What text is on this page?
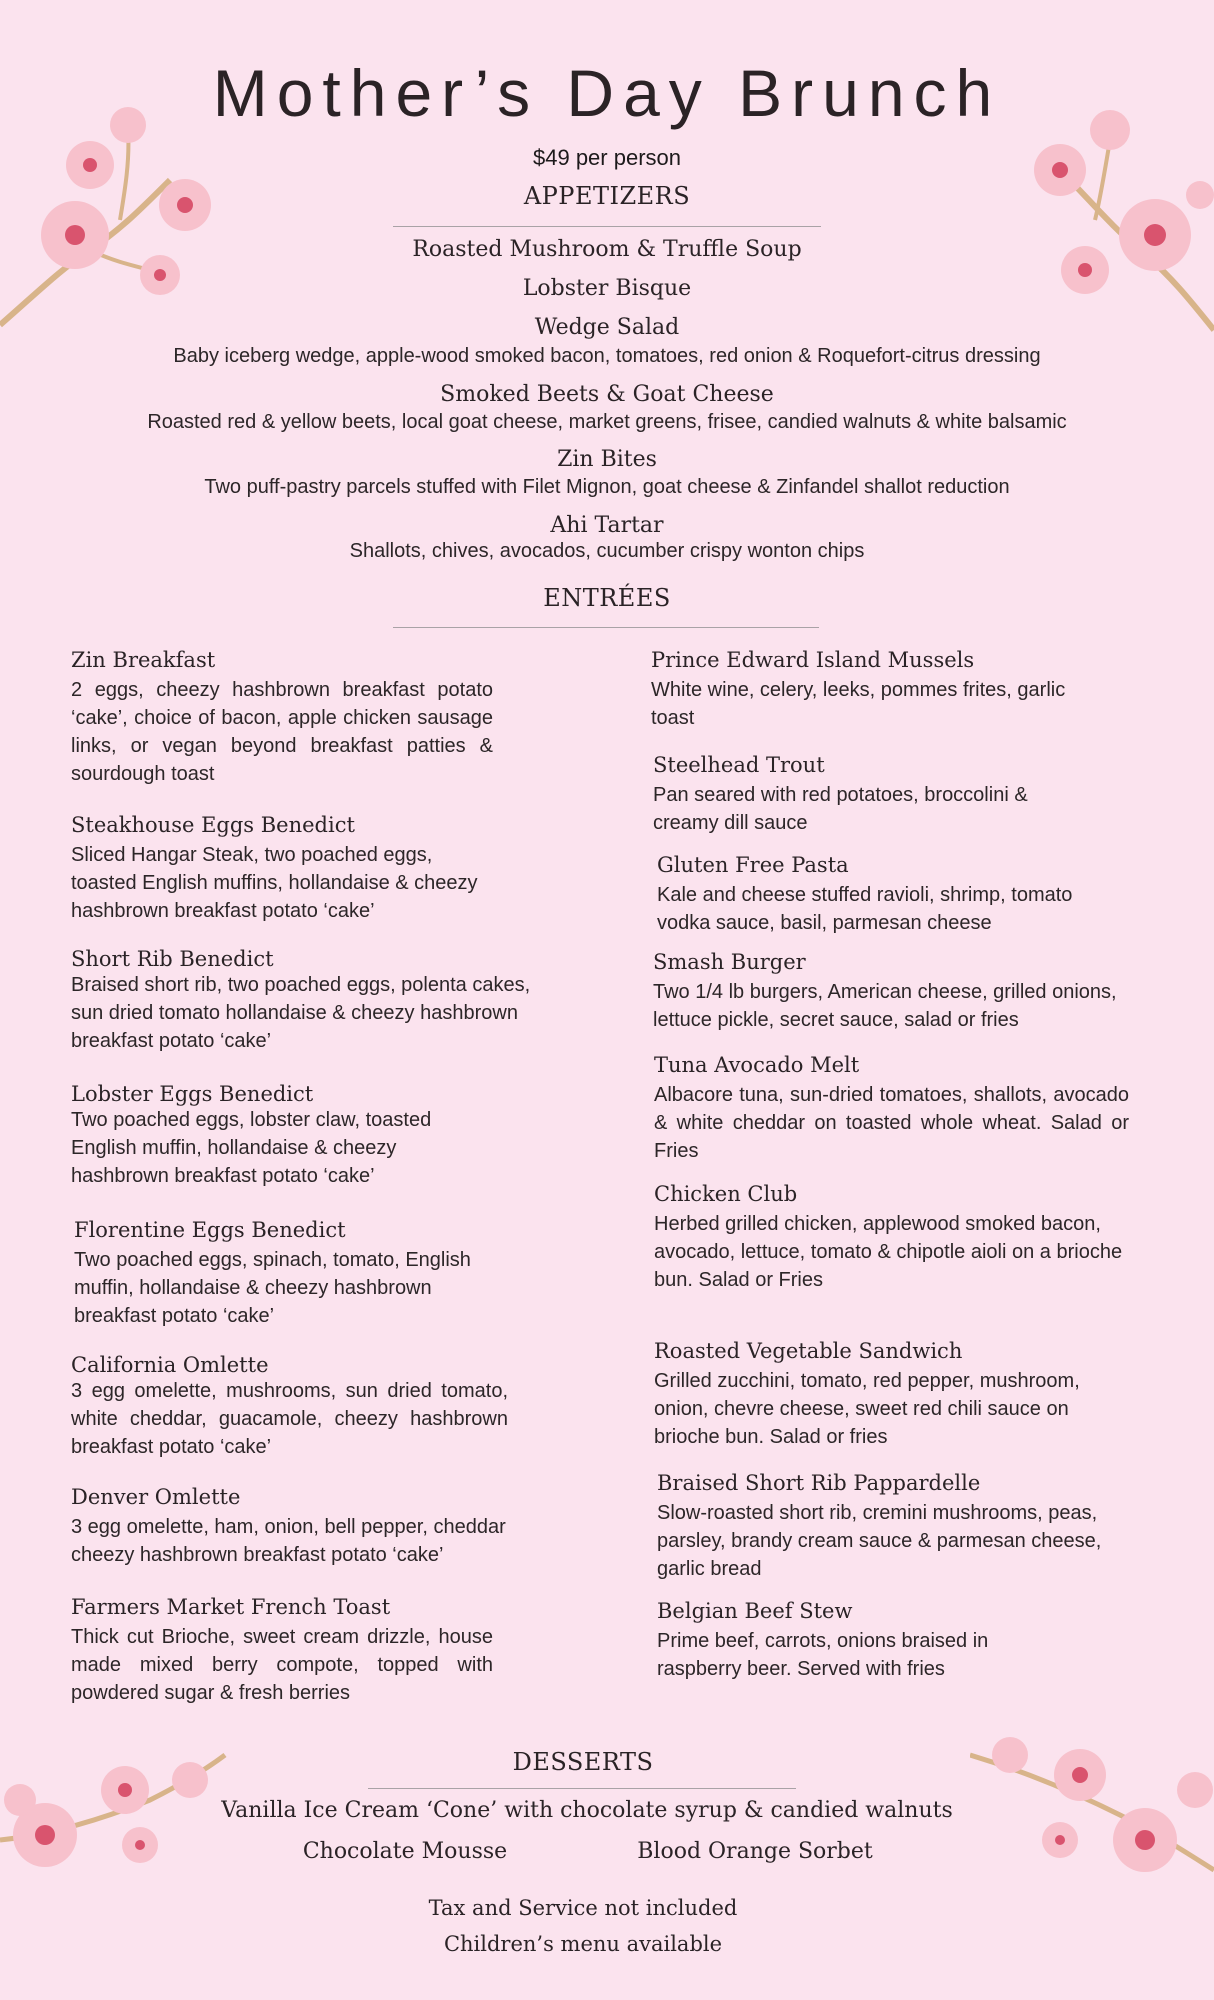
Mother’s Day Brunch
$49 per person
APPETIZERS
Roasted Mushroom & Truffle Soup
Lobster Bisque
Wedge Salad
Baby iceberg wedge, apple-wood smoked bacon, tomatoes, red onion & Roquefort-citrus dressing
Smoked Beets & Goat Cheese
Roasted red & yellow beets, local goat cheese, market greens, frisee, candied walnuts & white balsamic
Zin Bites
Two puff-pastry parcels stuffed with Filet Mignon, goat cheese & Zinfandel shallot reduction
Ahi Tartar
Shallots, chives, avocados, cucumber crispy wonton chips
ENTRÉES
Zin Breakfast
2 eggs, cheezy hashbrown breakfast potato ‘cake’, choice of bacon, apple chicken sausage links, or vegan beyond breakfast patties & sourdough toast
Steakhouse Eggs Benedict
Sliced Hangar Steak, two poached eggs, toasted English muffins, hollandaise & cheezy hashbrown breakfast potato ‘cake’
Short Rib Benedict
Braised short rib, two poached eggs, polenta cakes, sun dried tomato hollandaise & cheezy hashbrown breakfast potato ‘cake’
Lobster Eggs Benedict
Two poached eggs, lobster claw, toasted English muffin, hollandaise & cheezy hashbrown breakfast potato ‘cake’
Florentine Eggs Benedict
Two poached eggs, spinach, tomato, English muffin, hollandaise & cheezy hashbrown breakfast potato ‘cake’
California Omlette
3 egg omelette, mushrooms, sun dried tomato, white cheddar, guacamole, cheezy hashbrown breakfast potato ‘cake’
Denver Omlette
3 egg omelette, ham, onion, bell pepper, cheddar cheezy hashbrown breakfast potato ‘cake’
Farmers Market French Toast
Thick cut Brioche, sweet cream drizzle, house made mixed berry compote, topped with powdered sugar & fresh berries
Prince Edward Island Mussels
White wine, celery, leeks, pommes frites, garlic toast
Steelhead Trout
Pan seared with red potatoes, broccolini & creamy dill sauce
Gluten Free Pasta
Kale and cheese stuffed ravioli, shrimp, tomato vodka sauce, basil, parmesan cheese
Smash Burger
Two 1/4 lb burgers, American cheese, grilled onions, lettuce pickle, secret sauce, salad or fries
Tuna Avocado Melt
Albacore tuna, sun-dried tomatoes, shallots, avocado & white cheddar on toasted whole wheat. Salad or Fries
Chicken Club
Herbed grilled chicken, applewood smoked bacon, avocado, lettuce, tomato & chipotle aioli on a brioche bun. Salad or Fries
Roasted Vegetable Sandwich
Grilled zucchini, tomato, red pepper, mushroom, onion, chevre cheese, sweet red chili sauce on brioche bun. Salad or fries
Braised Short Rib Pappardelle
Slow-roasted short rib, cremini mushrooms, peas, parsley, brandy cream sauce & parmesan cheese, garlic bread
Belgian Beef Stew
Prime beef, carrots, onions braised in raspberry beer. Served with fries
DESSERTS
Vanilla Ice Cream ‘Cone’ with chocolate syrup & candied walnuts
Chocolate Mousse	Blood Orange Sorbet
Tax and Service not included
Children’s menu available
